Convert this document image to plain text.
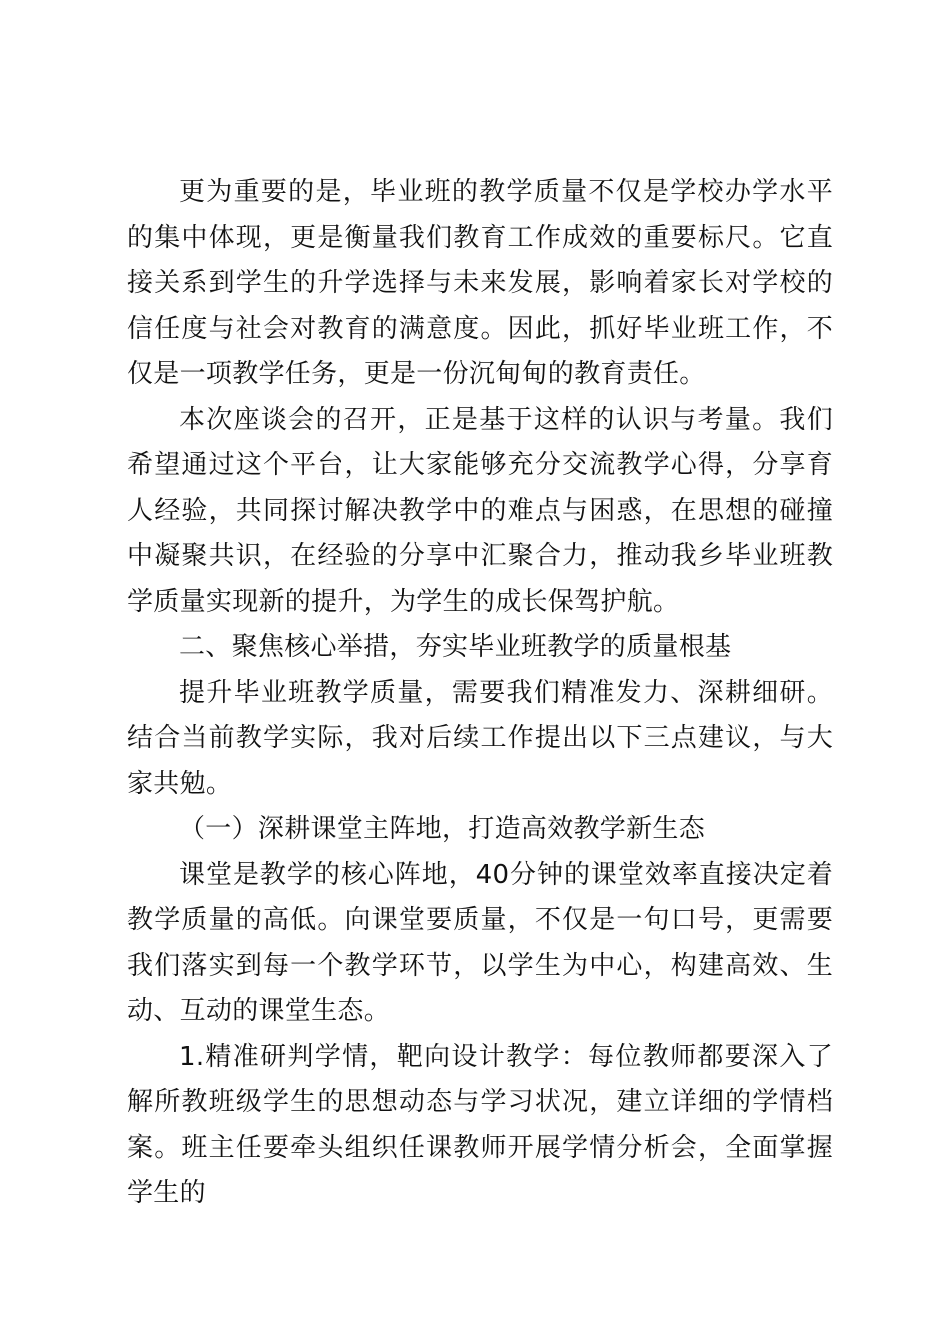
更为重要的是，毕业班的教学质量不仅是学校办学水平的集中体现，更是衡量我们教育工作成效的重要标尺。它直接关系到学生的升学选择与未来发展，影响着家长对学校的信任度与社会对教育的满意度。因此，抓好毕业班工作，不仅是一项教学任务，更是一份沉甸甸的教育责任。

本次座谈会的召开，正是基于这样的认识与考量。我们希望通过这个平台，让大家能够充分交流教学心得，分享育人经验，共同探讨解决教学中的难点与困惑，在思想的碰撞中凝聚共识，在经验的分享中汇聚合力，推动我乡毕业班教学质量实现新的提升，为学生的成长保驾护航。

二、聚焦核心举措，夯实毕业班教学的质量根基

提升毕业班教学质量，需要我们精准发力、深耕细研。结合当前教学实际，我对后续工作提出以下三点建议，与大家共勉。

（一）深耕课堂主阵地，打造高效教学新生态

课堂是教学的核心阵地，40分钟的课堂效率直接决定着教学质量的高低。向课堂要质量，不仅是一句口号，更需要我们落实到每一个教学环节，以学生为中心，构建高效、生动、互动的课堂生态。

1.精准研判学情，靶向设计教学：每位教师都要深入了解所教班级学生的思想动态与学习状况，建立详细的学情档案。班主任要牵头组织任课教师开展学情分析会，全面掌握学生的
